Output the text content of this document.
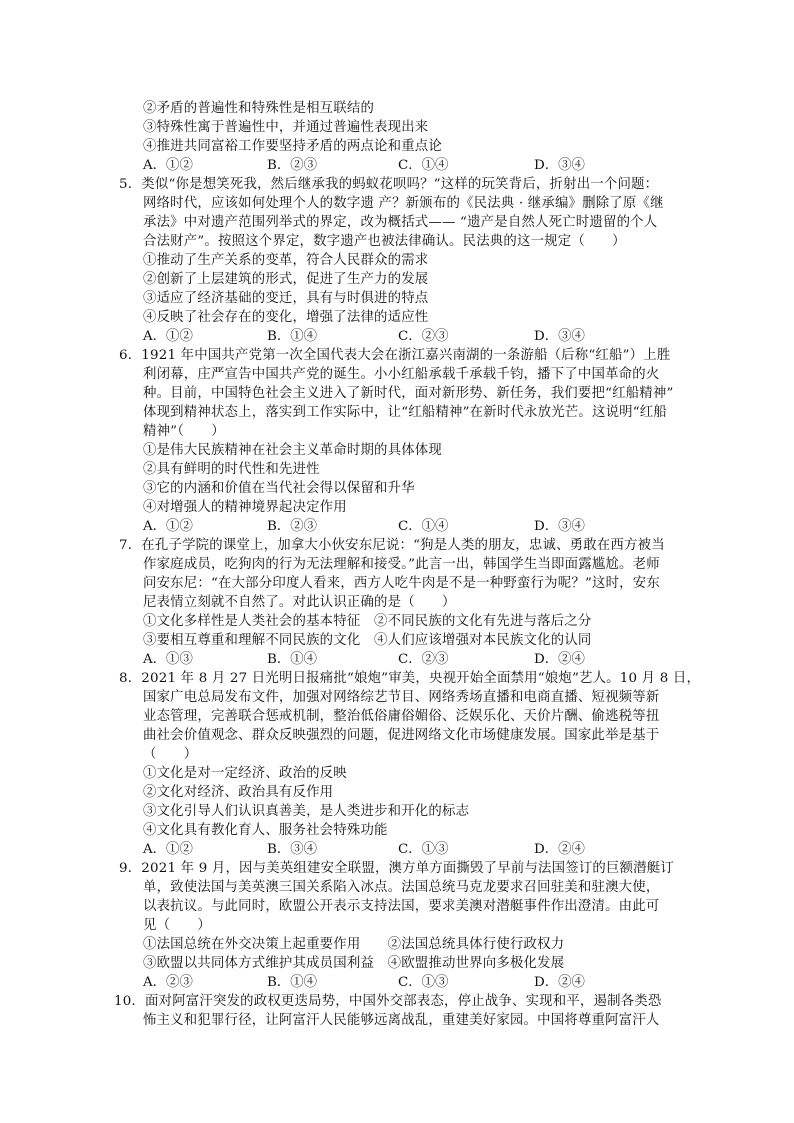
②矛盾的普遍性和特殊性是相互联结的
③特殊性寓于普遍性中，并通过普遍性表现出来
④推进共同富裕工作要坚持矛盾的两点论和重点论
A．①②	B．②③	C．①④	D．③④
5．类似“你是想笑死我，然后继承我的蚂蚁花呗吗？”这样的玩笑背后，折射出一个问题：
网络时代，应该如何处理个人的数字遗 产？新颁布的《民法典 · 继承编》删除了原《继
承法》中对遗产范围列举式的界定，改为概括式—— “遗产是自然人死亡时遗留的个人
合法财产”。按照这个界定，数字遗产也被法律确认。民法典的这一规定（　　）
①推动了生产关系的变革，符合人民群众的需求
②创新了上层建筑的形式，促进了生产力的发展
③适应了经济基础的变迁，具有与时俱进的特点
④反映了社会存在的变化，增强了法律的适应性
A．①②	B．①④	C．②③	D．③④
6．1921 年中国共产党第一次全国代表大会在浙江嘉兴南湖的一条游船（后称“红船”）上胜
利闭幕，庄严宣告中国共产党的诞生。小小红船承载千承载千钧，播下了中国革命的火
种。目前，中国特色社会主义进入了新时代，面对新形势、新任务，我们要把“红船精神”
体现到精神状态上，落实到工作实际中，让“红船精神”在新时代永放光芒。这说明“红船
精神”（　　）
①是伟大民族精神在社会主义革命时期的具体体现
②具有鲜明的时代性和先进性
③它的内涵和价值在当代社会得以保留和升华
④对增强人的精神境界起决定作用
A．①②	B．②③	C．①④	D．③④
7．在孔子学院的课堂上，加拿大小伙安东尼说：“狗是人类的朋友，忠诚、勇敢在西方被当
作家庭成员，吃狗肉的行为无法理解和接受。”此言一出，韩国学生当即面露尴尬。老师
问安东尼：“在大部分印度人看来，西方人吃牛肉是不是一种野蛮行为呢？”这时，安东
尼表情立刻就不自然了。对此认识正确的是（　　）
①文化多样性是人类社会的基本特征　②不同民族的文化有先进与落后之分
③要相互尊重和理解不同民族的文化　④人们应该增强对本民族文化的认同
A．①③	B．①④	C．②③	D．②④
8．2021 年 8 月 27 日光明日报痛批“娘炮”审美，央视开始全面禁用“娘炮”艺人。10 月 8 日，
国家广电总局发布文件，加强对网络综艺节目、网络秀场直播和电商直播、短视频等新
业态管理，完善联合惩戒机制，整治低俗庸俗媚俗、泛娱乐化、天价片酬、偷逃税等扭
曲社会价值观念、群众反映强烈的问题，促进网络文化市场健康发展。国家此举是基于
（　　）
①文化是对一定经济、政治的反映
②文化对经济、政治具有反作用
③文化引导人们认识真善美，是人类进步和开化的标志
④文化具有教化育人、服务社会特殊功能
A．①②	B．③④	C．①③	D．②④
9．2021 年 9 月，因与美英组建安全联盟，澳方单方面撕毁了早前与法国签订的巨额潜艇订
单，致使法国与美英澳三国关系陷入冰点。法国总统马克龙要求召回驻美和驻澳大使，
以表抗议。与此同时，欧盟公开表示支持法国，要求美澳对潜艇事件作出澄清。由此可
见（　　）
①法国总统在外交决策上起重要作用　　②法国总统具体行使行政权力
③欧盟以共同体方式维护其成员国利益　④欧盟推动世界向多极化发展
A．②③	B．①④	C．①③	D．②④
10．面对阿富汗突发的政权更迭局势，中国外交部表态，停止战争、实现和平，遏制各类恐
怖主义和犯罪行径，让阿富汗人民能够远离战乱，重建美好家园。中国将尊重阿富汗人
